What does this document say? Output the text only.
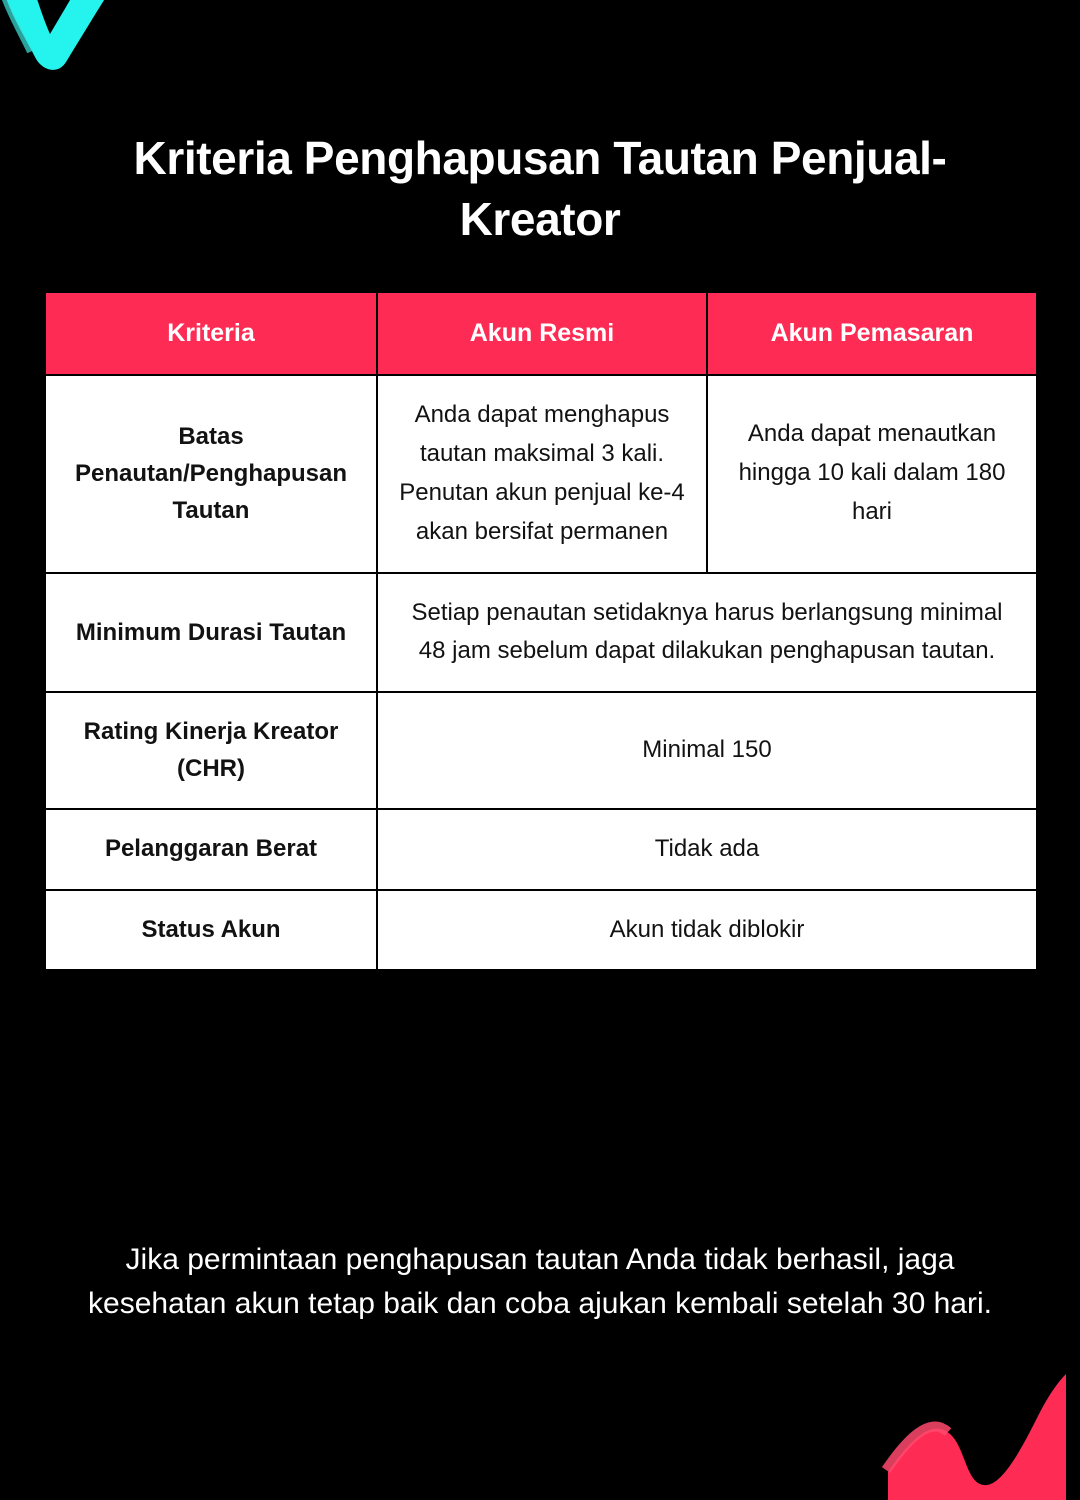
Kriteria Penghapusan Tautan Penjual-Kreator
Kriteria	Akun Resmi	Akun Pemasaran
Batas Penautan/Penghapusan Tautan	Anda dapat menghapus tautan maksimal 3 kali. Penutan akun penjual ke-4 akan bersifat permanen	Anda dapat menautkan hingga 10 kali dalam 180 hari
Minimum Durasi Tautan	Setiap penautan setidaknya harus berlangsung minimal 48 jam sebelum dapat dilakukan penghapusan tautan.	
Rating Kinerja Kreator (CHR)	Minimal 150	
Pelanggaran Berat	Tidak ada	
Status Akun	Akun tidak diblokir	

Jika permintaan penghapusan tautan Anda tidak berhasil, jaga kesehatan akun tetap baik dan coba ajukan kembali setelah 30 hari.
